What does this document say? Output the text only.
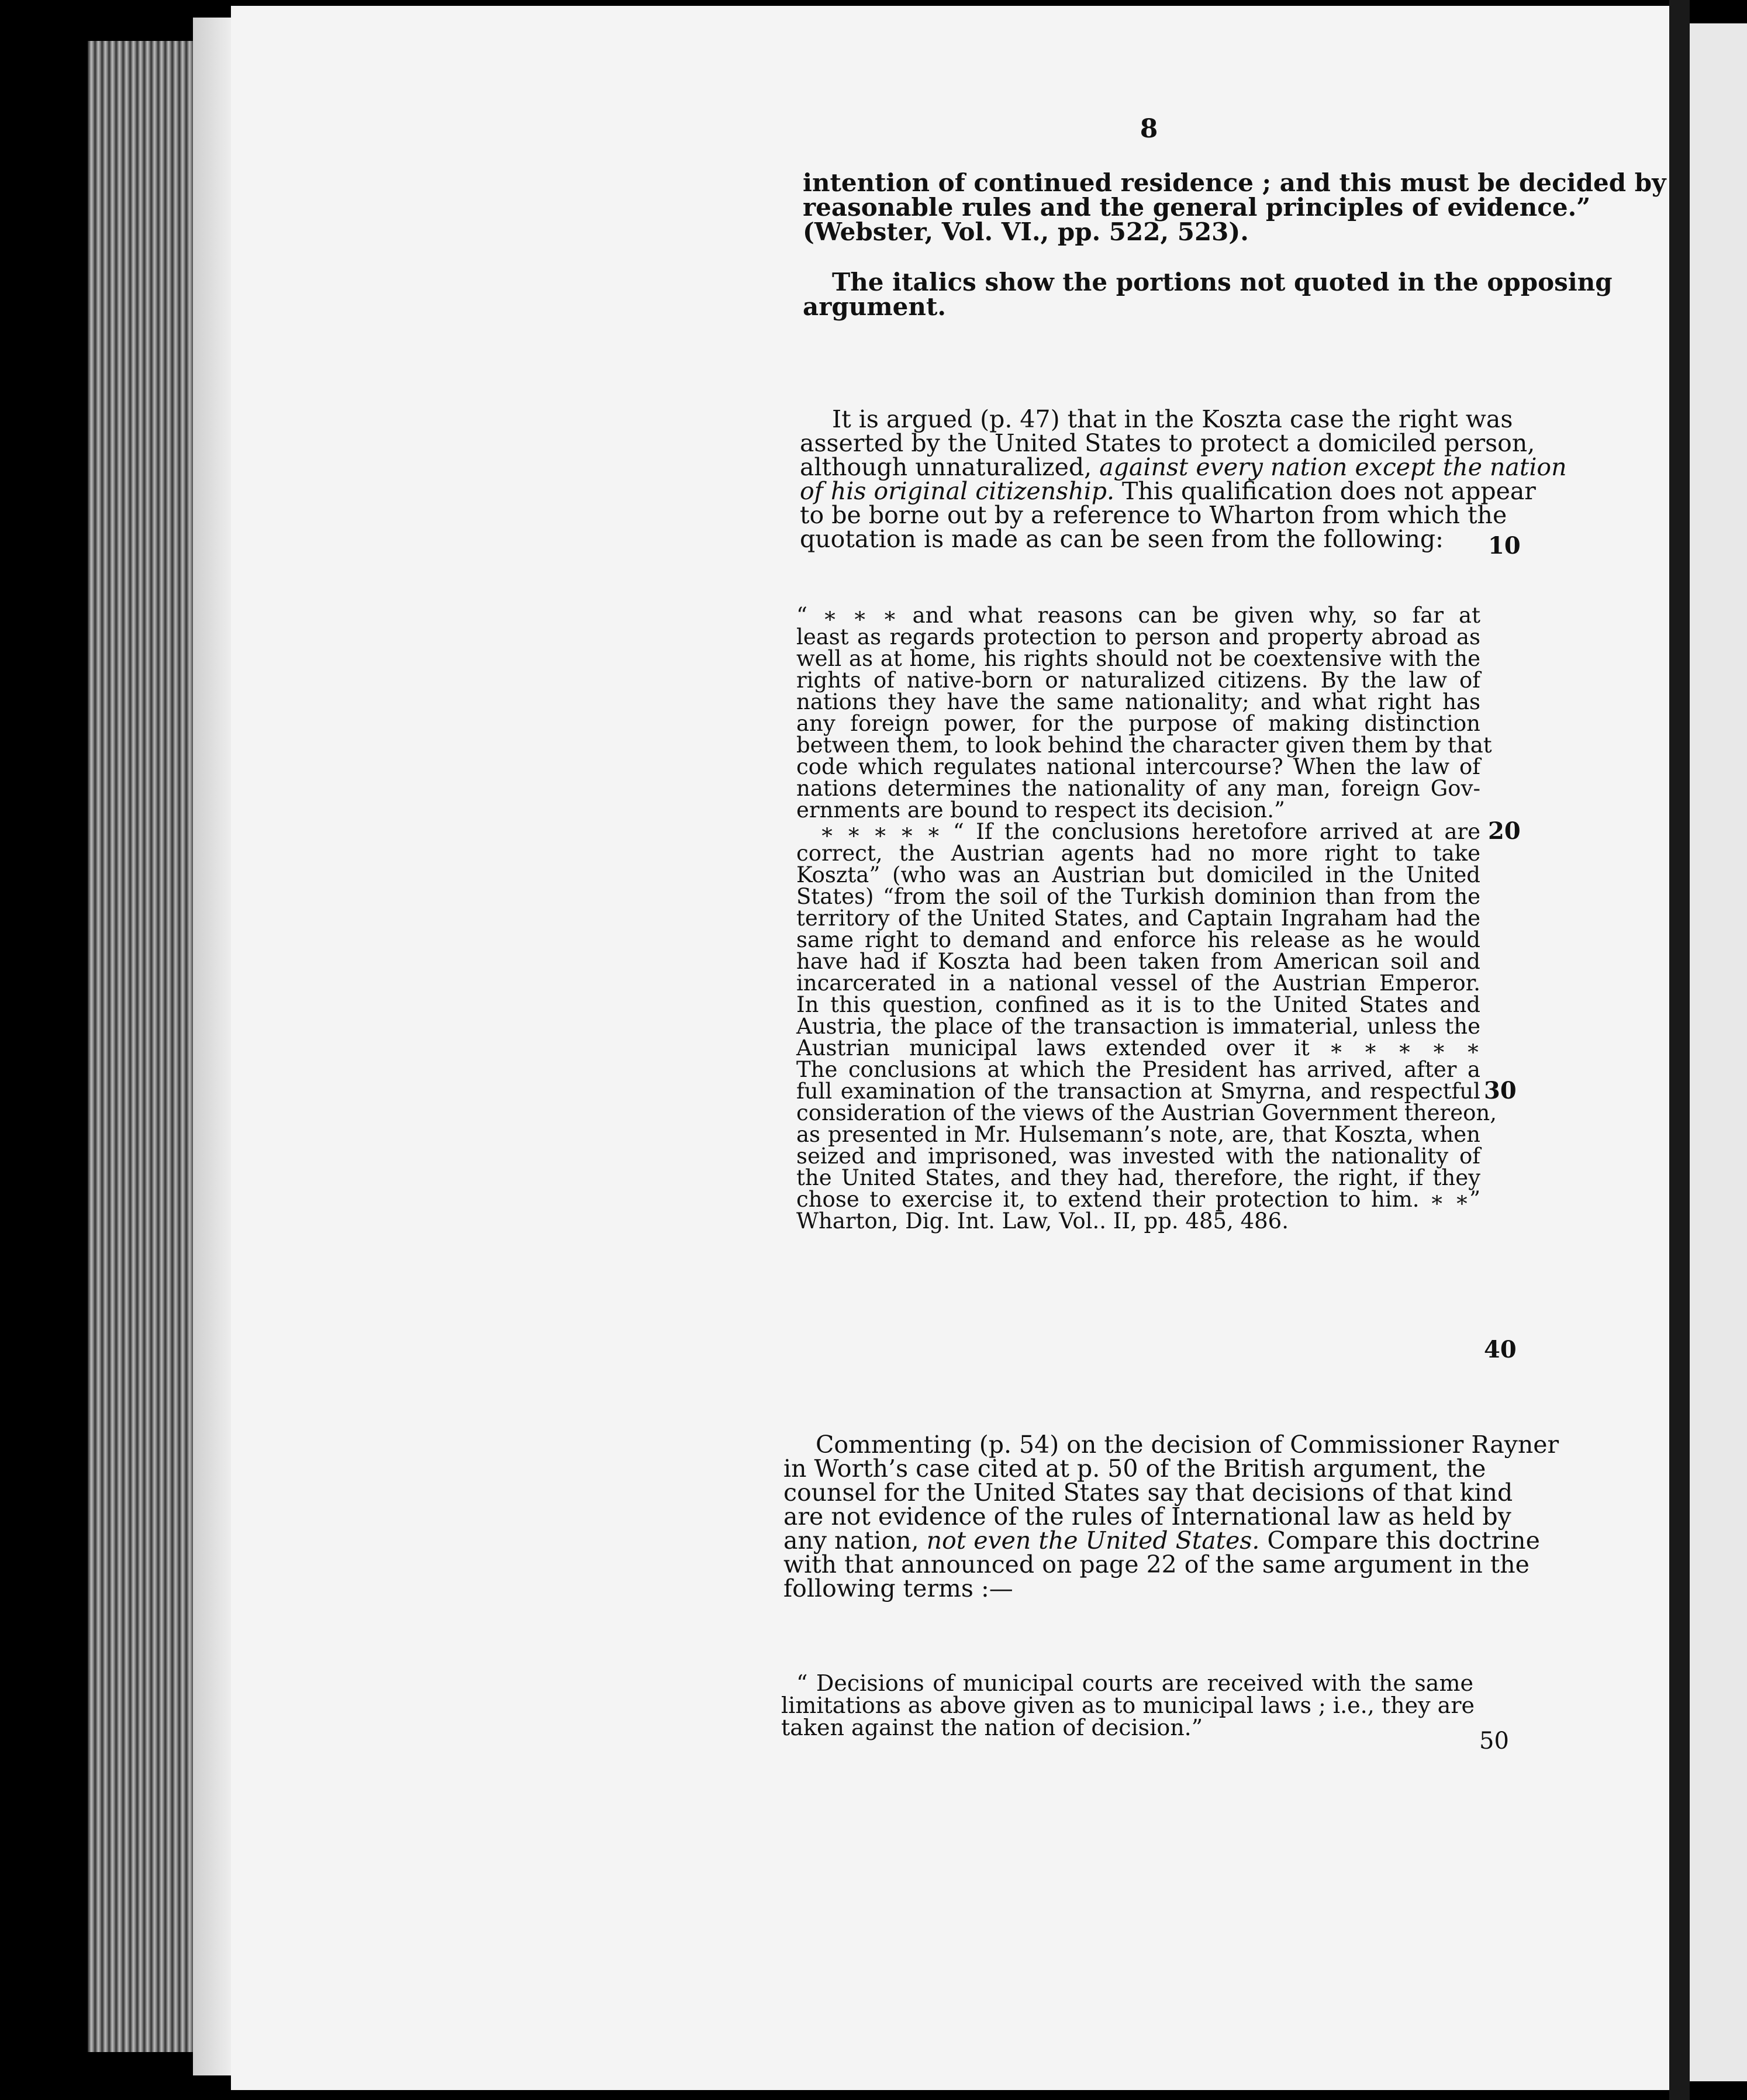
8
intention of continued residence ; and this must be decided by
reasonable rules and the general principles of evidence.”
(Webster, Vol. VI., pp. 522, 523).
The italics show the portions not quoted in the opposing
argument.
It is argued (p. 47) that in the Koszta case the right was
asserted by the United States to protect a domiciled person,
although unnaturalized, against every nation except the nation
of his original citizenship. This qualification does not appear
to be borne out by a reference to Wharton from which the
quotation is made as can be seen from the following:
“ ∗ ∗ ∗ and what reasons can be given why, so far at
least as regards protection to person and property abroad as
well as at home, his rights should not be coextensive with the
rights of native-born or naturalized citizens. By the law of
nations they have the same nationality; and what right has
any foreign power, for the purpose of making distinction
between them, to look behind the character given them by that
code which regulates national intercourse? When the law of
nations determines the nationality of any man, foreign Gov-
ernments are bound to respect its decision.”
∗ ∗ ∗ ∗ ∗ “ If the conclusions heretofore arrived at are
correct, the Austrian agents had no more right to take
Koszta” (who was an Austrian but domiciled in the United
States) “from the soil of the Turkish dominion than from the
territory of the United States, and Captain Ingraham had the
same right to demand and enforce his release as he would
have had if Koszta had been taken from American soil and
incarcerated in a national vessel of the Austrian Emperor.
In this question, confined as it is to the United States and
Austria, the place of the transaction is immaterial, unless the
Austrian municipal laws extended over it ∗ ∗ ∗ ∗ ∗
The conclusions at which the President has arrived, after a
full examination of the transaction at Smyrna, and respectful
consideration of the views of the Austrian Government thereon,
as presented in Mr. Hulsemann’s note, are, that Koszta, when
seized and imprisoned, was invested with the nationality of
the United States, and they had, therefore, the right, if they
chose to exercise it, to extend their protection to him. ∗ ∗”
Wharton, Dig. Int. Law, Vol.. II, pp. 485, 486.
Commenting (p. 54) on the decision of Commissioner Rayner
in Worth’s case cited at p. 50 of the British argument, the
counsel for the United States say that decisions of that kind
are not evidence of the rules of International law as held by
any nation, not even the United States. Compare this doctrine
with that announced on page 22 of the same argument in the
following terms :—
“ Decisions of municipal courts are received with the same
limitations as above given as to municipal laws ; i.e., they are
taken against the nation of decision.”
10
20
30
40
50
